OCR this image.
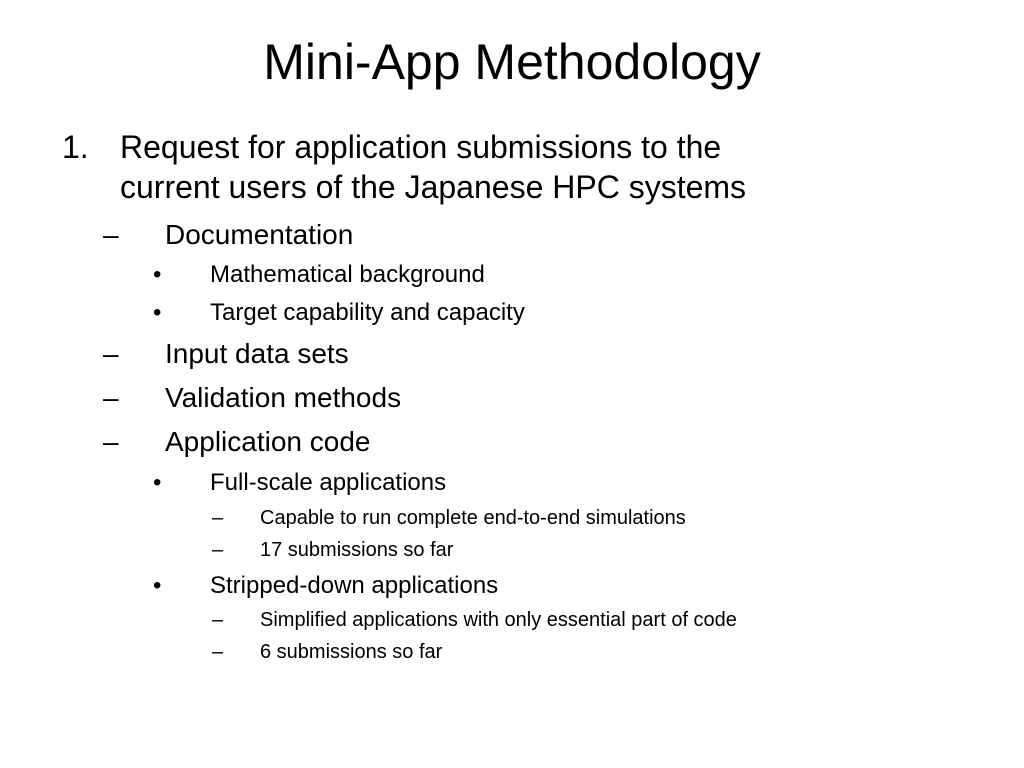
Mini-App Methodology
1. Request for application submissions to the
current users of the Japanese HPC systems
– Documentation
• Mathematical background
• Target capability and capacity
– Input data sets
– Validation methods
– Application code
• Full-scale applications
– Capable to run complete end-to-end simulations
– 17 submissions so far
• Stripped-down applications
– Simplified applications with only essential part of code
– 6 submissions so far
